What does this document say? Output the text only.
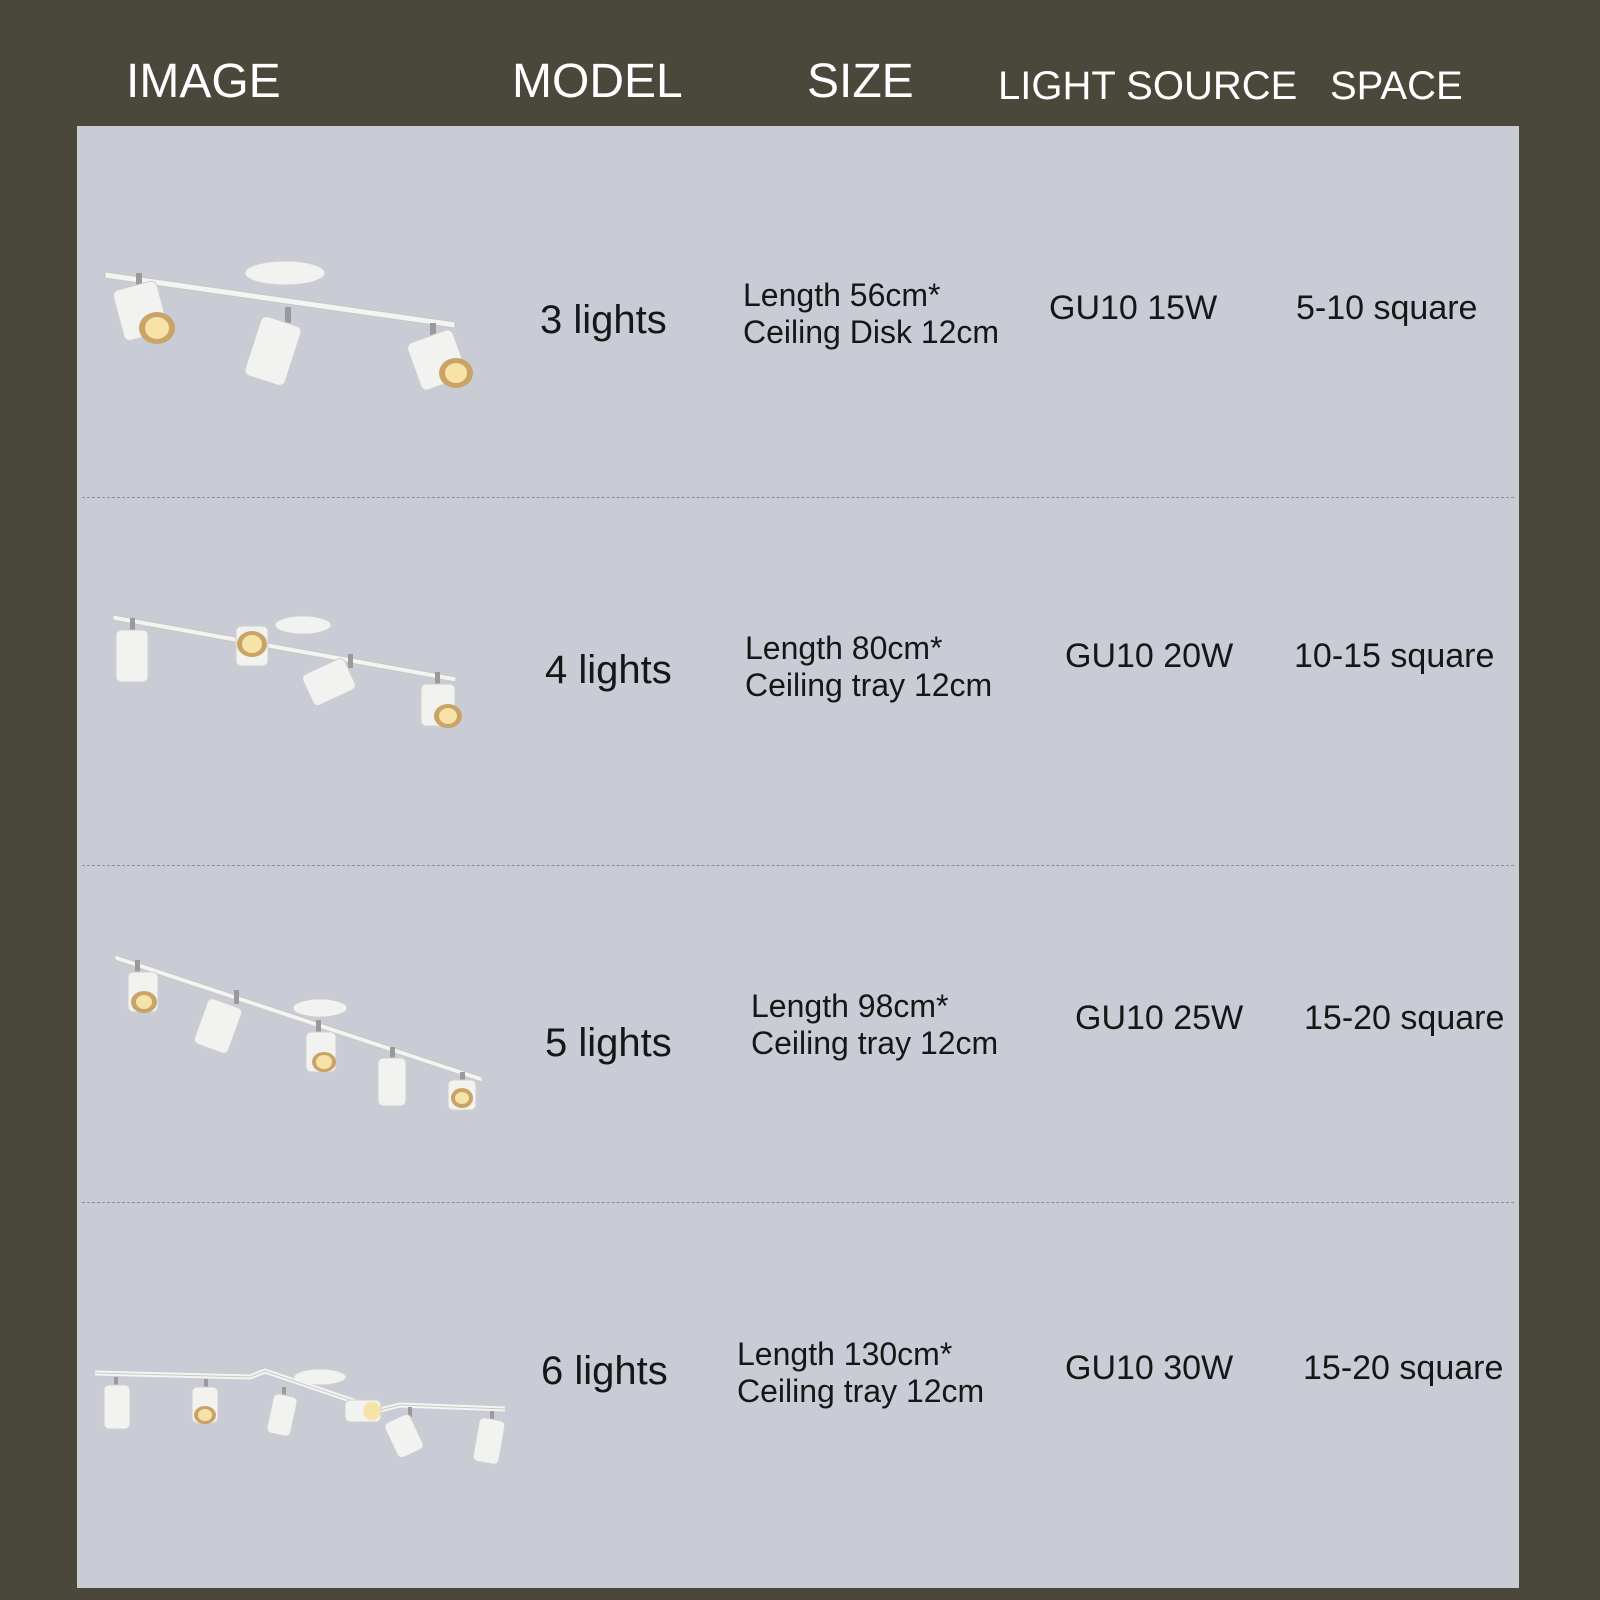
IMAGE	MODEL	SIZE LIGHT SOURCE SPACE
3 lights
Length 56cm*
Ceiling Disk 12cm
GU10 15W 5-10 square
4 lights Length 80cm*
Ceiling tray 12cm
GU10 20W 10-15 square
5 lights
Length 98cm*
Ceiling tray 12cm
GU10 25W 15-20 square
6 lights Length 130cm*
Ceiling tray 12cm
GU10 30W 15-20 square
